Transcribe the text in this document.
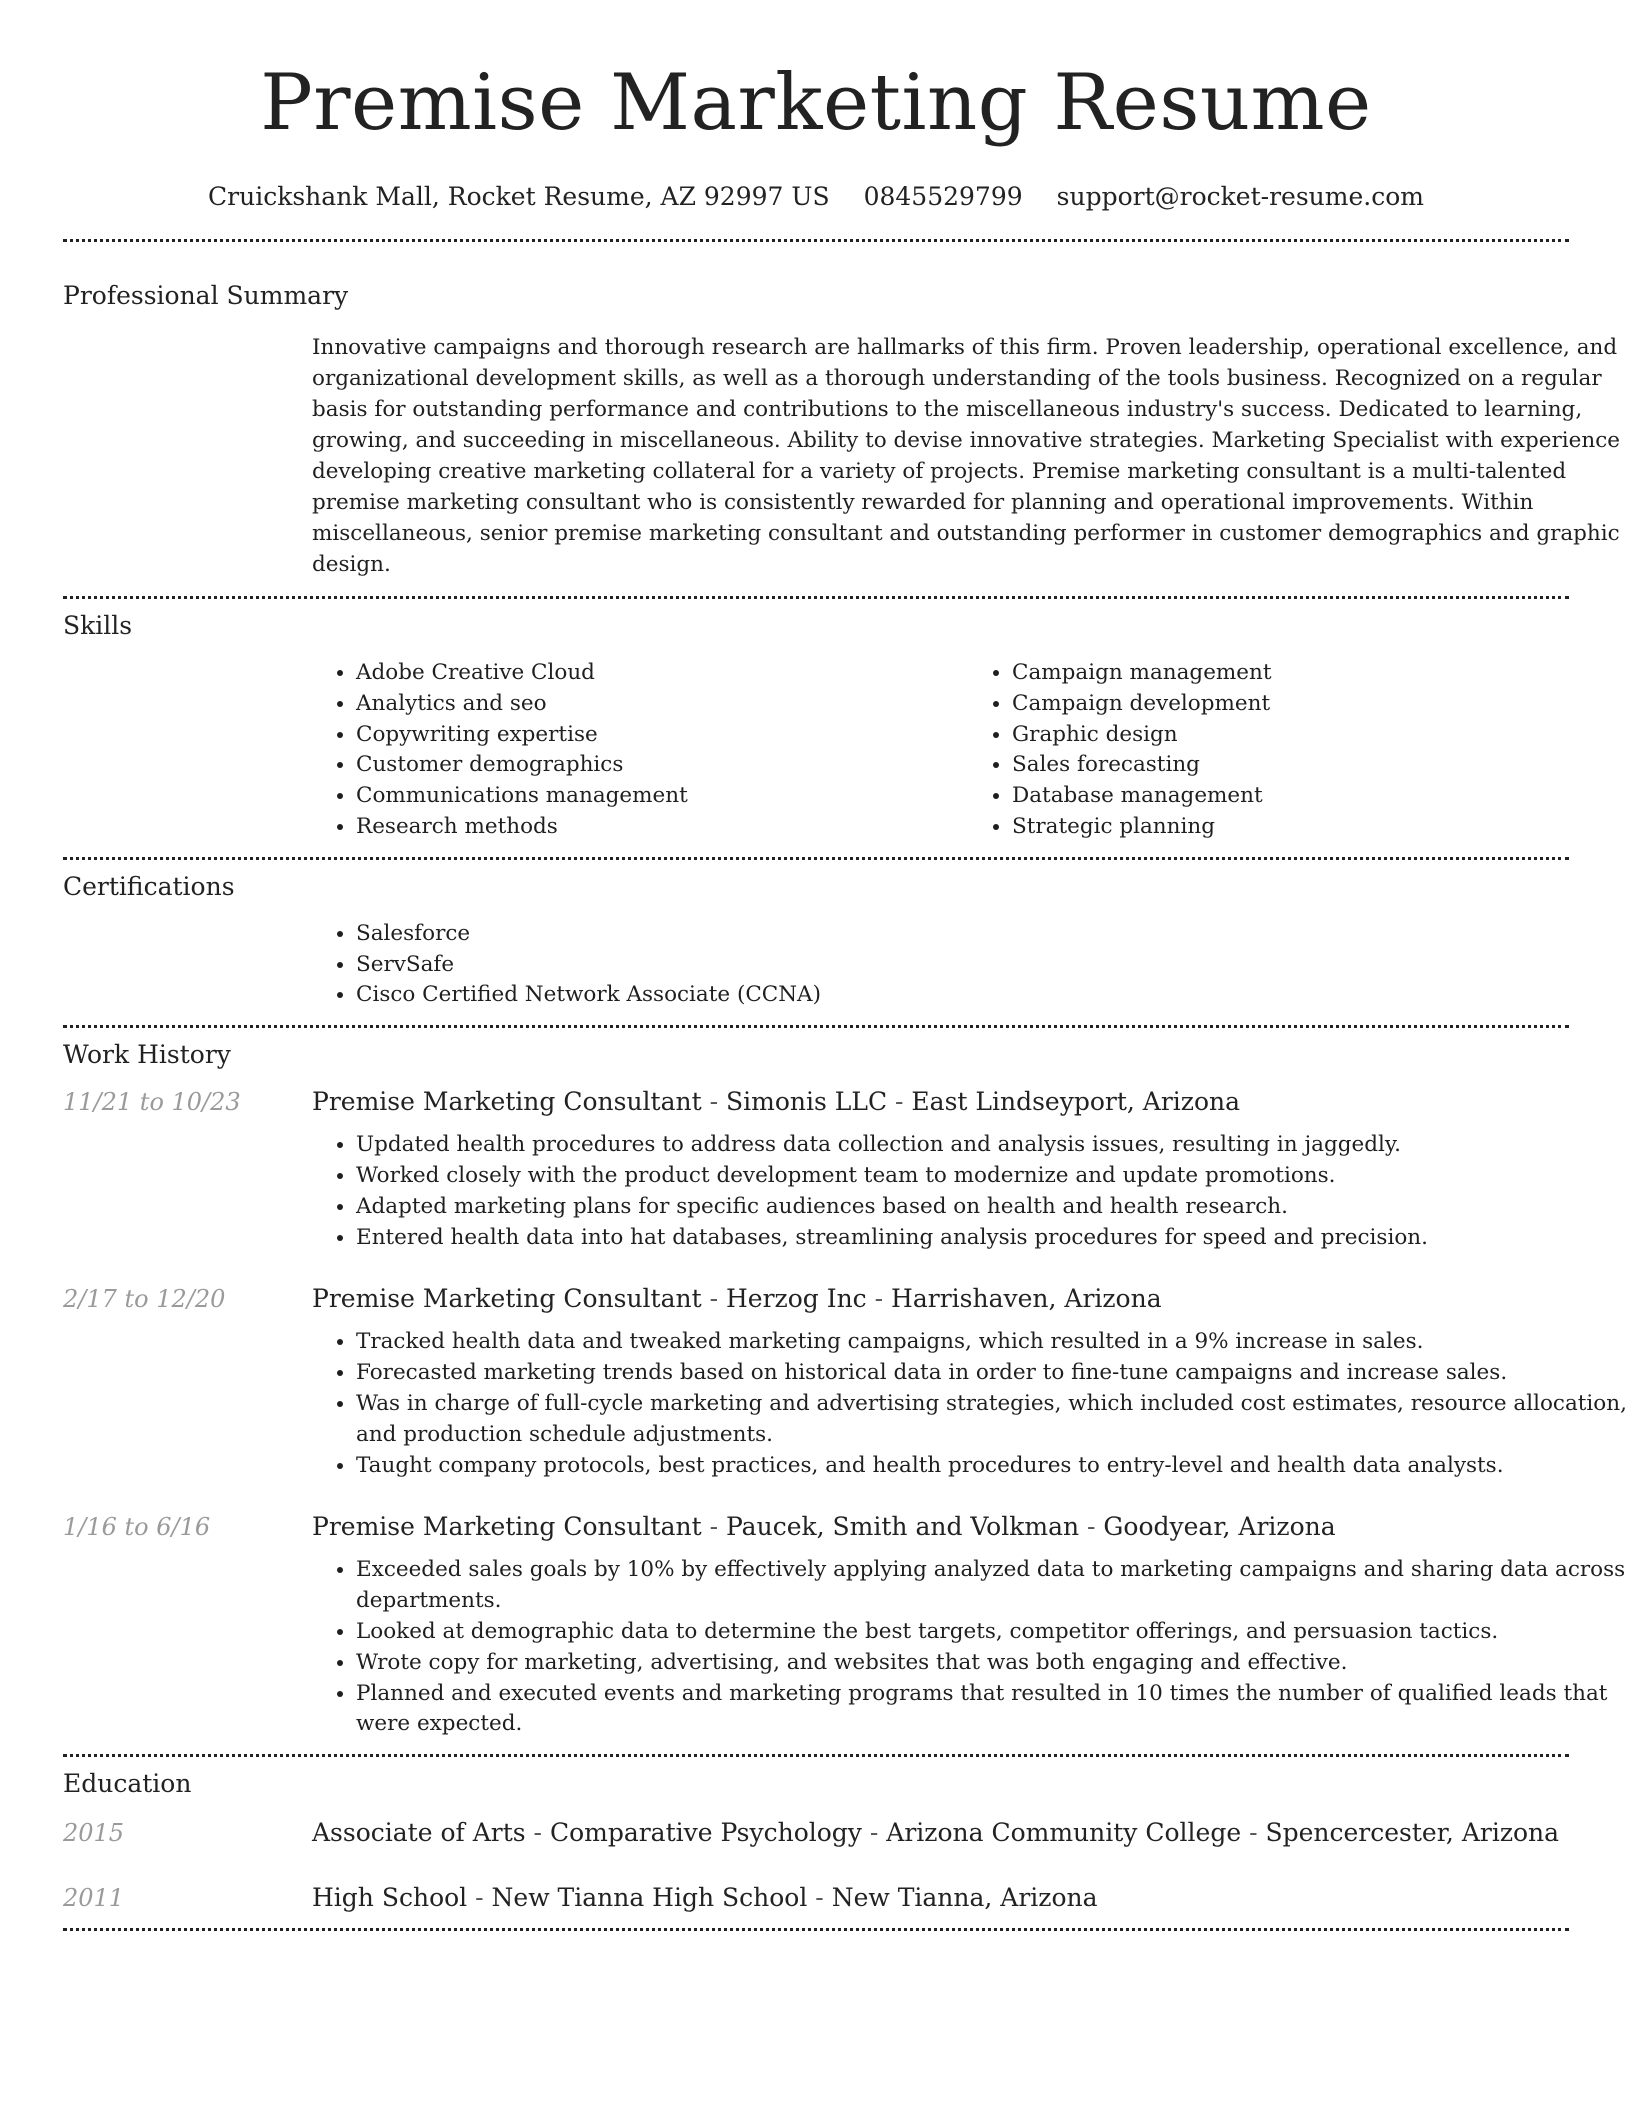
Premise Marketing Resume
Cruickshank Mall, Rocket Resume, AZ 92997 US 0845529799 support@rocket-resume.com
Professional Summary

Innovative campaigns and thorough research are hallmarks of this firm. Proven leadership, operational excellence, and organizational development skills, as well as a thorough understanding of the tools business. Recognized on a regular basis for outstanding performance and contributions to the miscellaneous industry's success. Dedicated to learning, growing, and succeeding in miscellaneous. Ability to devise innovative strategies. Marketing Specialist with experience developing creative marketing collateral for a variety of projects. Premise marketing consultant is a multi-talented premise marketing consultant who is consistently rewarded for planning and operational improvements. Within miscellaneous, senior premise marketing consultant and outstanding performer in customer demographics and graphic design.

Skills
• Adobe Creative Cloud
• Analytics and seo
• Copywriting expertise
• Customer demographics
• Communications management
• Research methods
• Campaign management
• Campaign development
• Graphic design
• Sales forecasting
• Database management
• Strategic planning
Certifications
• Salesforce
• ServSafe
• Cisco Certified Network Associate (CCNA)
Work History
11/21 to 10/23	Premise Marketing Consultant - Simonis LLC - East Lindseyport, Arizona
• Updated health procedures to address data collection and analysis issues, resulting in jaggedly.
• Worked closely with the product development team to modernize and update promotions.
• Adapted marketing plans for specific audiences based on health and health research.
• Entered health data into hat databases, streamlining analysis procedures for speed and precision.
2/17 to 12/20	Premise Marketing Consultant - Herzog Inc - Harrishaven, Arizona
• Tracked health data and tweaked marketing campaigns, which resulted in a 9% increase in sales.
• Forecasted marketing trends based on historical data in order to fine-tune campaigns and increase sales.
• Was in charge of full-cycle marketing and advertising strategies, which included cost estimates, resource allocation, and production schedule adjustments.
• Taught company protocols, best practices, and health procedures to entry-level and health data analysts.
1/16 to 6/16	Premise Marketing Consultant - Paucek, Smith and Volkman - Goodyear, Arizona
• Exceeded sales goals by 10% by effectively applying analyzed data to marketing campaigns and sharing data across departments.
• Looked at demographic data to determine the best targets, competitor offerings, and persuasion tactics.
• Wrote copy for marketing, advertising, and websites that was both engaging and effective.
• Planned and executed events and marketing programs that resulted in 10 times the number of qualified leads that were expected.
Education
2015	Associate of Arts - Comparative Psychology - Arizona Community College - Spencercester, Arizona
2011	High School - New Tianna High School - New Tianna, Arizona
